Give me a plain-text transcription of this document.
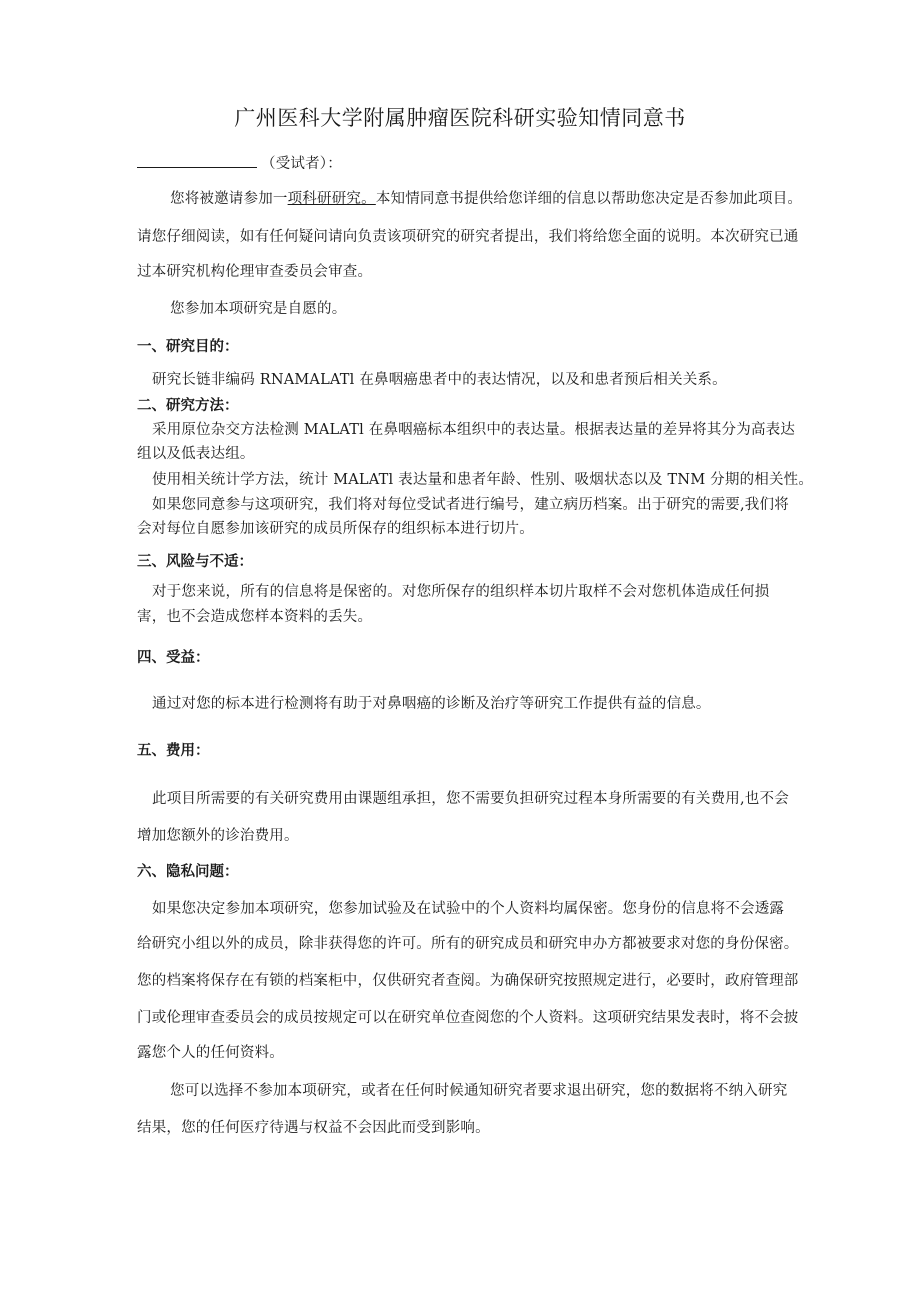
广州医科大学附属肿瘤医院科研实验知情同意书
（受试者）：
您将被邀请参加一项科研研究。本知情同意书提供给您详细的信息以帮助您决定是否参加此项目。
请您仔细阅读，如有任何疑问请向负责该项研究的研究者提出，我们将给您全面的说明。本次研究已通
过本研究机构伦理审查委员会审查。
您参加本项研究是自愿的。
一、研究目的：
研究长链非编码 RNAMALATl 在鼻咽癌患者中的表达情况，以及和患者预后相关关系。
二、研究方法：
采用原位杂交方法检测 MALATl 在鼻咽癌标本组织中的表达量。根据表达量的差异将其分为高表达
组以及低表达组。
使用相关统计学方法，统计 MALATl 表达量和患者年龄、性别、吸烟状态以及 TNM 分期的相关性。
如果您同意参与这项研究，我们将对每位受试者进行编号，建立病历档案。出于研究的需要,我们将
会对每位自愿参加该研究的成员所保存的组织标本进行切片。
三、风险与不适：
对于您来说，所有的信息将是保密的。对您所保存的组织样本切片取样不会对您机体造成任何损
害，也不会造成您样本资料的丢失。
四、受益：
通过对您的标本进行检测将有助于对鼻咽癌的诊断及治疗等研究工作提供有益的信息。
五、费用：
此项目所需要的有关研究费用由课题组承担，您不需要负担研究过程本身所需要的有关费用,也不会
增加您额外的诊治费用。
六、隐私问题：
如果您决定参加本项研究，您参加试验及在试验中的个人资料均属保密。您身份的信息将不会透露
给研究小组以外的成员，除非获得您的许可。所有的研究成员和研究申办方都被要求对您的身份保密。
您的档案将保存在有锁的档案柜中，仅供研究者查阅。为确保研究按照规定进行，必要时，政府管理部
门或伦理审查委员会的成员按规定可以在研究单位查阅您的个人资料。这项研究结果发表时，将不会披
露您个人的任何资料。
您可以选择不参加本项研究，或者在任何时候通知研究者要求退出研究，您的数据将不纳入研究
结果，您的任何医疗待遇与权益不会因此而受到影响。
